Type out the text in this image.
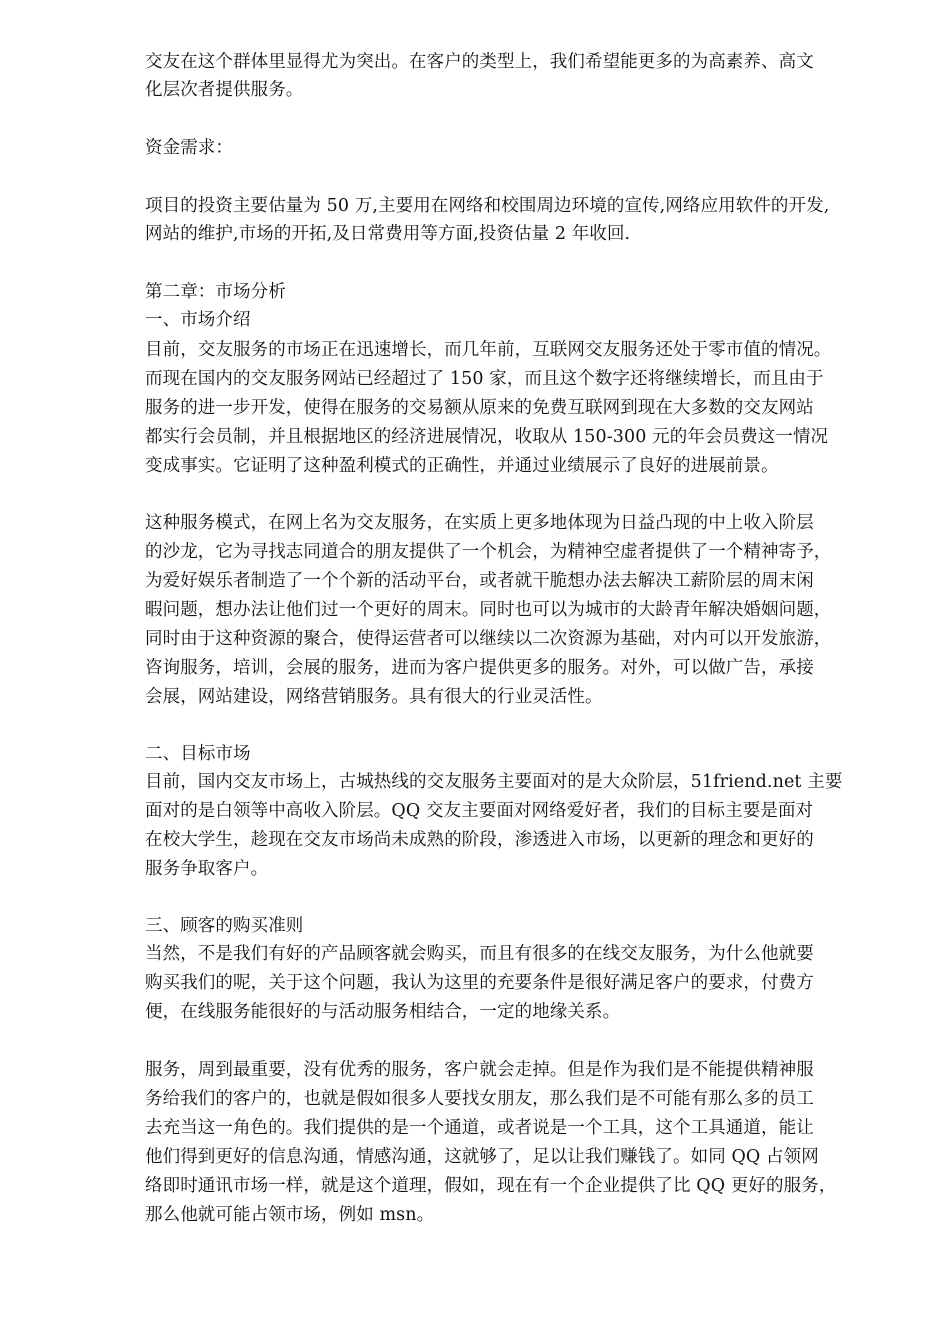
交友在这个群体里显得尤为突出。在客户的类型上，我们希望能更多的为高素养、高文
化层次者提供服务。
资金需求：
项目的投资主要估量为 50 万,主要用在网络和校围周边环境的宣传,网络应用软件的开发,
网站的维护,市场的开拓,及日常费用等方面,投资估量 2 年收回.
第二章：市场分析
一、市场介绍
目前，交友服务的市场正在迅速增长，而几年前，互联网交友服务还处于零市值的情况。
而现在国内的交友服务网站已经超过了 150 家，而且这个数字还将继续增长，而且由于
服务的进一步开发，使得在服务的交易额从原来的免费互联网到现在大多数的交友网站
都实行会员制，并且根据地区的经济进展情况，收取从 150-300 元的年会员费这一情况
变成事实。它证明了这种盈利模式的正确性，并通过业绩展示了良好的进展前景。
这种服务模式，在网上名为交友服务，在实质上更多地体现为日益凸现的中上收入阶层
的沙龙，它为寻找志同道合的朋友提供了一个机会，为精神空虚者提供了一个精神寄予，
为爱好娱乐者制造了一个个新的活动平台，或者就干脆想办法去解决工薪阶层的周末闲
暇问题，想办法让他们过一个更好的周末。同时也可以为城市的大龄青年解决婚姻问题，
同时由于这种资源的聚合，使得运营者可以继续以二次资源为基础，对内可以开发旅游，
咨询服务，培训，会展的服务，进而为客户提供更多的服务。对外，可以做广告，承接
会展，网站建设，网络营销服务。具有很大的行业灵活性。
二、目标市场
目前，国内交友市场上，古城热线的交友服务主要面对的是大众阶层，51friend.net 主要
面对的是白领等中高收入阶层。QQ 交友主要面对网络爱好者，我们的目标主要是面对
在校大学生，趁现在交友市场尚未成熟的阶段，渗透进入市场，以更新的理念和更好的
服务争取客户。
三、顾客的购买准则
当然，不是我们有好的产品顾客就会购买，而且有很多的在线交友服务，为什么他就要
购买我们的呢，关于这个问题，我认为这里的充要条件是很好满足客户的要求，付费方
便，在线服务能很好的与活动服务相结合，一定的地缘关系。
服务，周到最重要，没有优秀的服务，客户就会走掉。但是作为我们是不能提供精神服
务给我们的客户的，也就是假如很多人要找女朋友，那么我们是不可能有那么多的员工
去充当这一角色的。我们提供的是一个通道，或者说是一个工具，这个工具通道，能让
他们得到更好的信息沟通，情感沟通，这就够了，足以让我们赚钱了。如同 QQ 占领网
络即时通讯市场一样，就是这个道理，假如，现在有一个企业提供了比 QQ 更好的服务，
那么他就可能占领市场，例如 msn。
